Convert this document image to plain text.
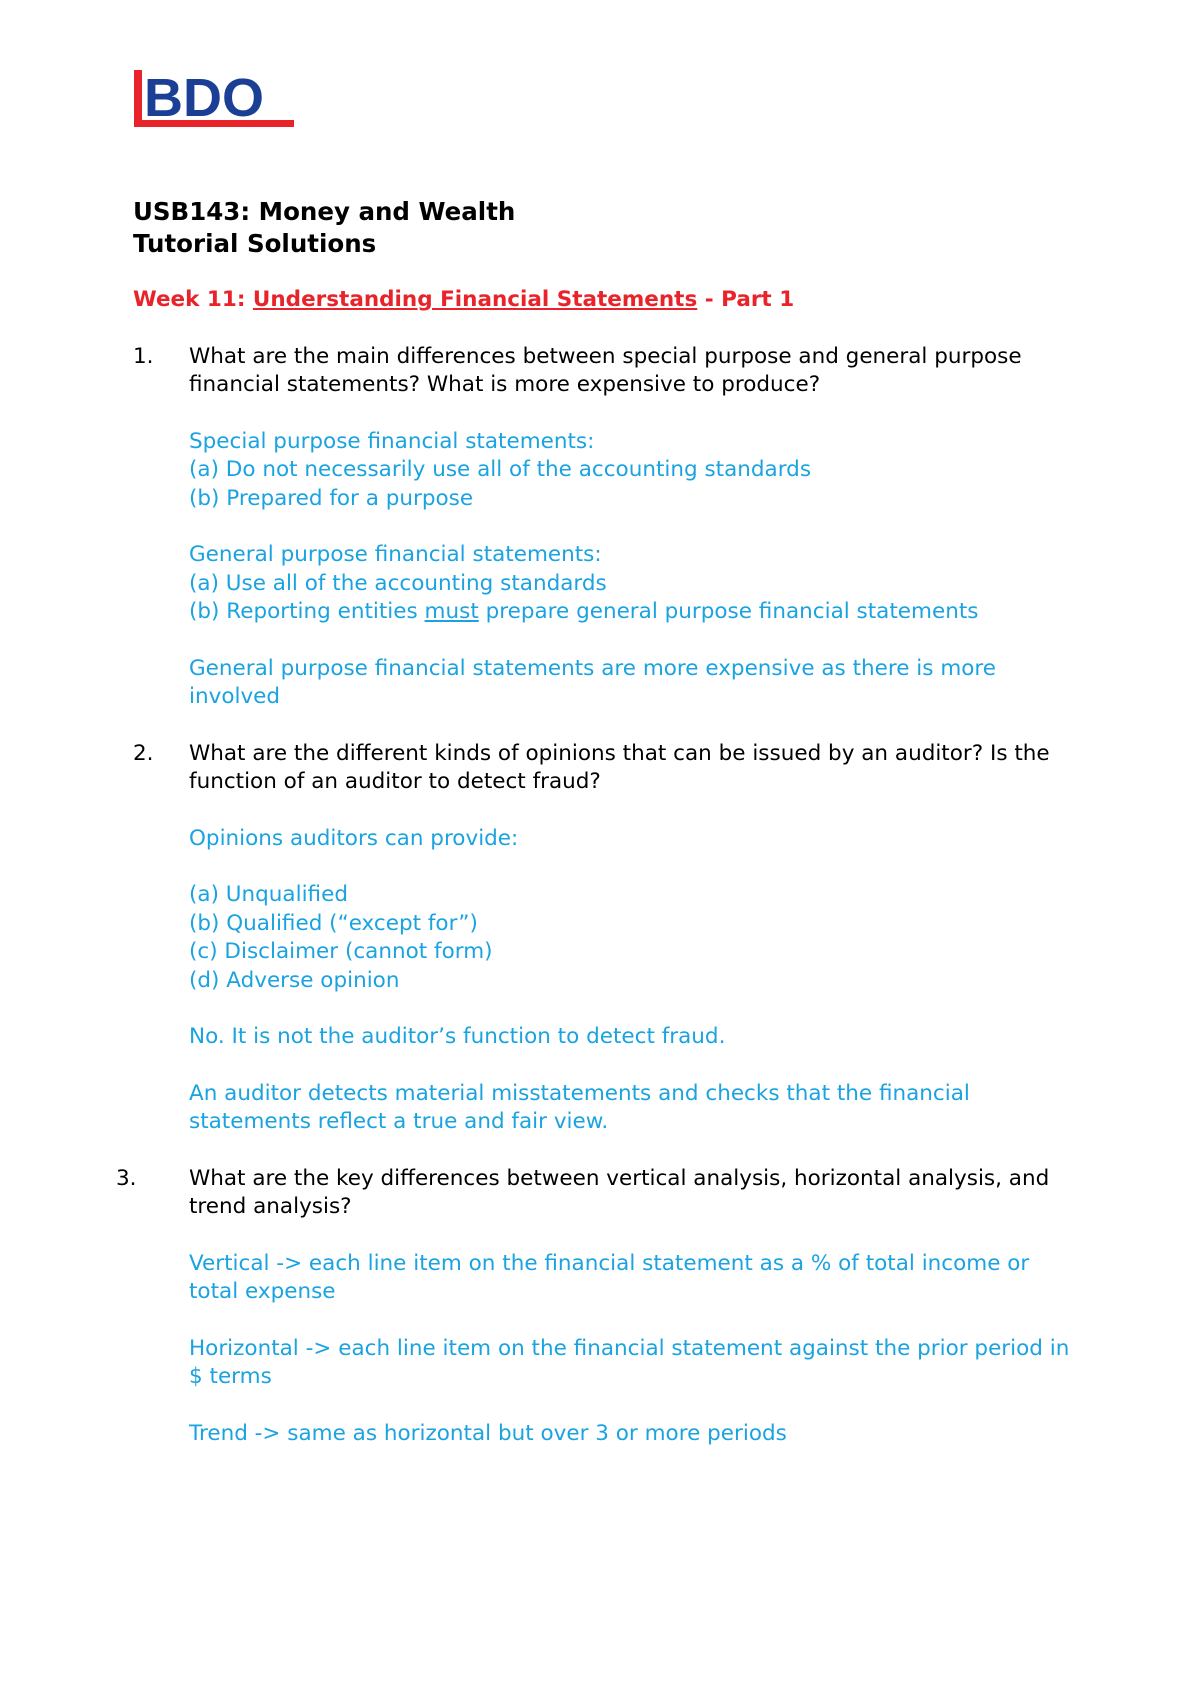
BDO
USB143: Money and Wealth
Tutorial Solutions
Week 11: Understanding Financial Statements - Part 1
1. What are the main differences between special purpose and general purpose financial statements? What is more expensive to produce?
Special purpose financial statements:
(a) Do not necessarily use all of the accounting standards
(b) Prepared for a purpose
General purpose financial statements:
(a) Use all of the accounting standards
(b) Reporting entities must prepare general purpose financial statements
General purpose financial statements are more expensive as there is more involved
2. What are the different kinds of opinions that can be issued by an auditor? Is the function of an auditor to detect fraud?
Opinions auditors can provide:
(a) Unqualified
(b) Qualified (“except for”)
(c) Disclaimer (cannot form)
(d) Adverse opinion
No. It is not the auditor’s function to detect fraud.
An auditor detects material misstatements and checks that the financial statements reflect a true and fair view.
3. What are the key differences between vertical analysis, horizontal analysis, and trend analysis?
Vertical -> each line item on the financial statement as a % of total income or total expense
Horizontal -> each line item on the financial statement against the prior period in $ terms
Trend -> same as horizontal but over 3 or more periods
